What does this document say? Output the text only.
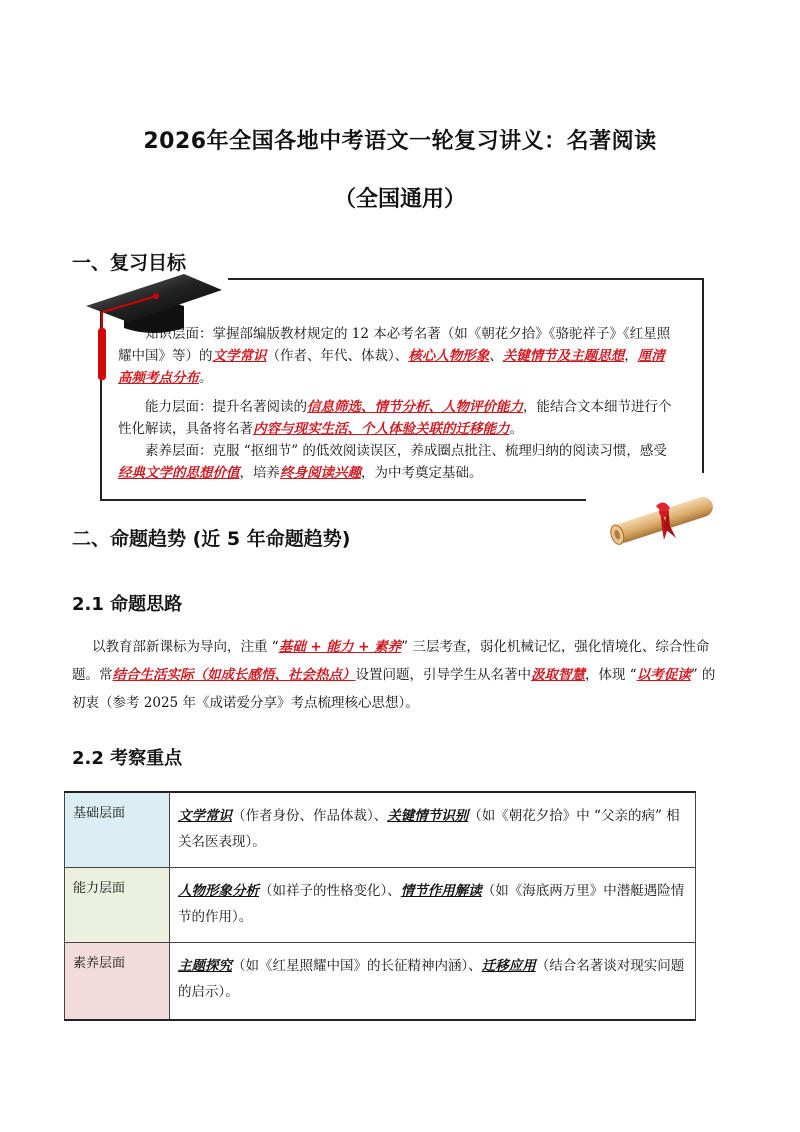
2026年全国各地中考语文一轮复习讲义：名著阅读
（全国通用）
一、复习目标

知识层面：掌握部编版教材规定的 12 本必考名著（如《朝花夕拾》《骆驼祥子》《红星照耀中国》等）的文学常识（作者、年代、体裁）、核心人物形象、关键情节及主题思想，厘清高频考点分布。

能力层面：提升名著阅读的信息筛选、情节分析、人物评价能力，能结合文本细节进行个性化解读，具备将名著内容与现实生活、个人体验关联的迁移能力。

素养层面：克服 “抠细节” 的低效阅读误区，养成圈点批注、梳理归纳的阅读习惯，感受经典文学的思想价值，培养终身阅读兴趣，为中考奠定基础。

二、命题趋势 (近 5 年命题趋势)
2.1 命题思路

以教育部新课标为导向，注重 “基础 + 能力 + 素养” 三层考查，弱化机械记忆，强化情境化、综合性命题。常结合生活实际（如成长感悟、社会热点）设置问题，引导学生从名著中汲取智慧，体现 “以考促读” 的初衷（参考 2025 年《成诺爱分享》考点梳理核心思想）。

2.2 考察重点
基础层面	文学常识（作者身份、作品体裁）、关键情节识别（如《朝花夕拾》中 “父亲的病” 相关名医表现）。
能力层面	人物形象分析（如祥子的性格变化）、情节作用解读（如《海底两万里》中潜艇遇险情节的作用）。
素养层面	主题探究（如《红星照耀中国》的长征精神内涵）、迁移应用（结合名著谈对现实问题的启示）。
